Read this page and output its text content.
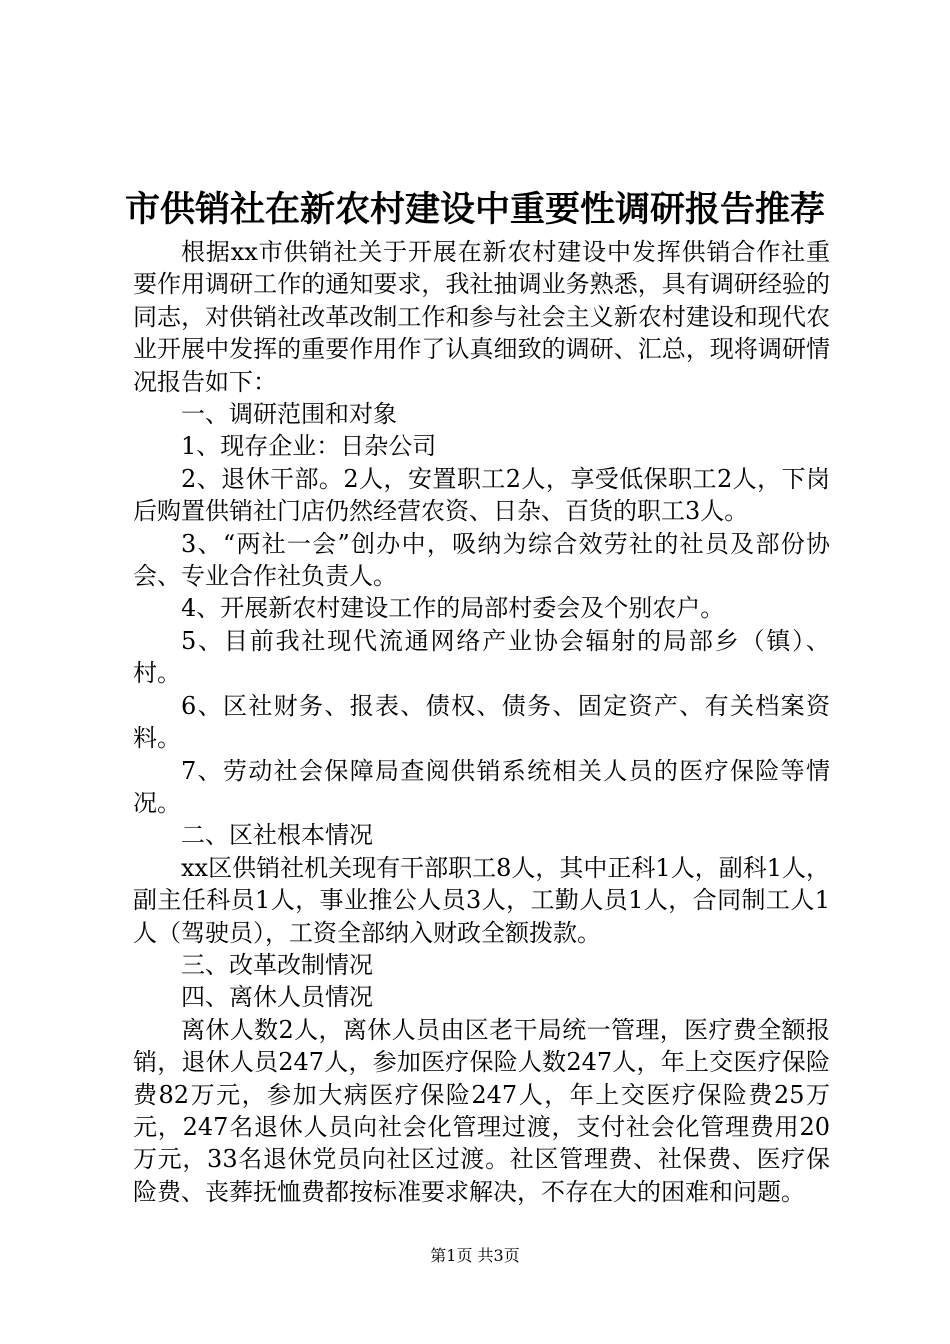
市供销社在新农村建设中重要性调研报告推荐

根据xx市供销社关于开展在新农村建设中发挥供销合作社重要作用调研工作的通知要求，我社抽调业务熟悉，具有调研经验的同志，对供销社改革改制工作和参与社会主义新农村建设和现代农业开展中发挥的重要作用作了认真细致的调研、汇总，现将调研情况报告如下：

一、调研范围和对象

1、现存企业：日杂公司

2、退休干部。2人，安置职工2人，享受低保职工2人，下岗后购置供销社门店仍然经营农资、日杂、百货的职工3人。

3、“两社一会”创办中，吸纳为综合效劳社的社员及部份协会、专业合作社负责人。

4、开展新农村建设工作的局部村委会及个别农户。

5、目前我社现代流通网络产业协会辐射的局部乡（镇）、村。

6、区社财务、报表、债权、债务、固定资产、有关档案资料。

7、劳动社会保障局查阅供销系统相关人员的医疗保险等情况。

二、区社根本情况

xx区供销社机关现有干部职工8人，其中正科1人，副科1人，副主任科员1人，事业推公人员3人，工勤人员1人，合同制工人1人（驾驶员），工资全部纳入财政全额拨款。

三、改革改制情况

四、离休人员情况

离休人数2人，离休人员由区老干局统一管理，医疗费全额报销，退休人员247人，参加医疗保险人数247人，年上交医疗保险费82万元，参加大病医疗保险247人，年上交医疗保险费25万元，247名退休人员向社会化管理过渡，支付社会化管理费用20万元，33名退休党员向社区过渡。社区管理费、社保费、医疗保险费、丧葬抚恤费都按标准要求解决，不存在大的困难和问题。

第1页 共3页
